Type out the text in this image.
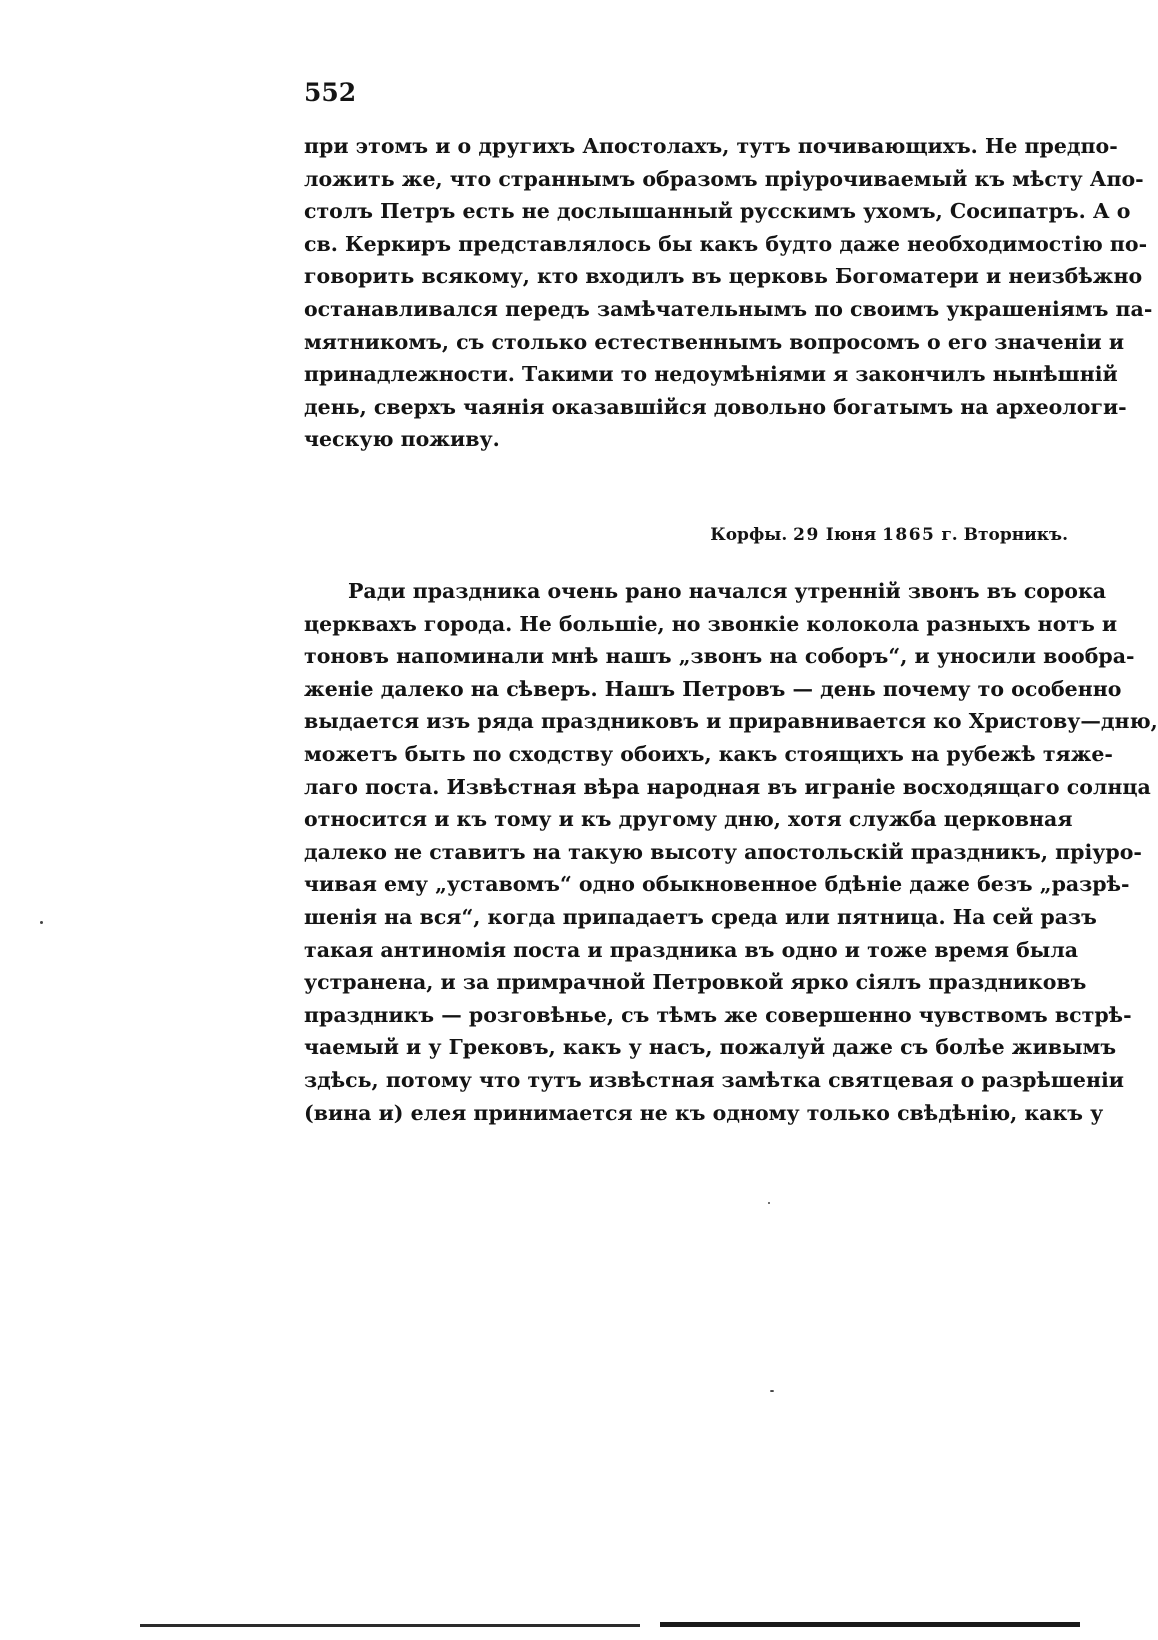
552
при этомъ и о другихъ Апостолахъ, тутъ почивающихъ. Не предпо-
ложить же, что страннымъ образомъ пріурочиваемый къ мѣсту Апо-
столъ Петръ есть не дослышанный русскимъ ухомъ, Сосипатръ. А о
св. Керкиръ представлялось бы какъ будто даже необходимостію по-
говорить всякому, кто входилъ въ церковь Богоматери и неизбѣжно
останавливался передъ замѣчательнымъ по своимъ украшеніямъ па-
мятникомъ, съ столько естественнымъ вопросомъ о его значеніи и
принадлежности. Такими то недоумѣніями я закончилъ нынѣшній
день, сверхъ чаянія оказавшійся довольно богатымъ на археологи-
ческую поживу.
Корфы. 29 Іюня 1865 г. Вторникъ.
Ради праздника очень рано начался утренній звонъ въ сорока
церквахъ города. Не большіе, но звонкіе колокола разныхъ нотъ и
тоновъ напоминали мнѣ нашъ „звонъ на соборъ“, и уносили вообра-
женіе далеко на сѣверъ. Нашъ Петровъ — день почему то особенно
выдается изъ ряда праздниковъ и приравнивается ко Христову—дню,
можетъ быть по сходству обоихъ, какъ стоящихъ на рубежѣ тяже-
лаго поста. Извѣстная вѣра народная въ играніе восходящаго солнца
относится и къ тому и къ другому дню, хотя служба церковная
далеко не ставитъ на такую высоту апостольскій праздникъ, пріуро-
чивая ему „уставомъ“ одно обыкновенное бдѣніе даже безъ „разрѣ-
шенія на вся“, когда припадаетъ среда или пятница. На сей разъ
такая антиномія поста и праздника въ одно и тоже время была
устранена, и за примрачной Петровкой ярко сіялъ праздниковъ
праздникъ — розговѣнье, съ тѣмъ же совершенно чувствомъ встрѣ-
чаемый и у Грековъ, какъ у насъ, пожалуй даже съ болѣе живымъ
здѣсь, потому что тутъ извѣстная замѣтка святцевая о разрѣшеніи
(вина и) елея принимается не къ одному только свѣдѣнію, какъ у
